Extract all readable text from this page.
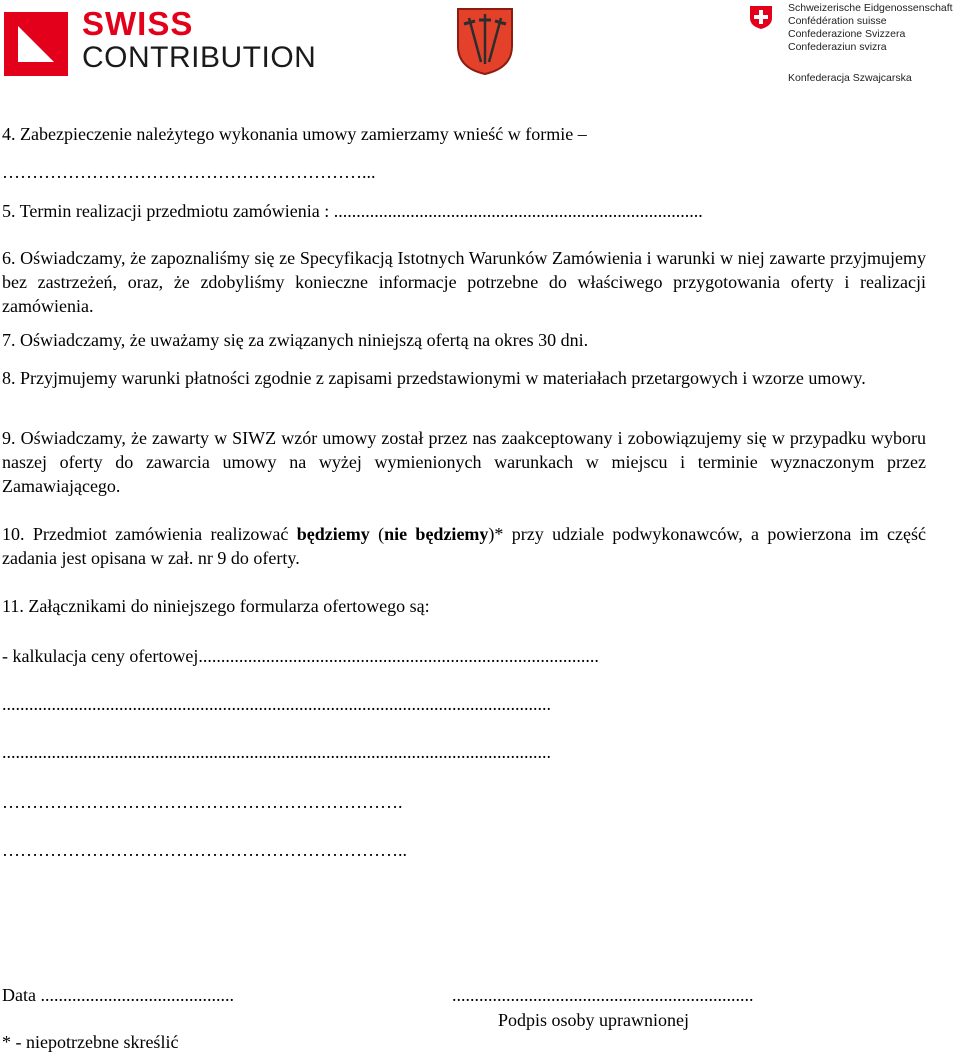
SWISS
CONTRIBUTION
Schweizerische Eidgenossenschaft
Confédération suisse
Confederazione Svizzera
Confederaziun svizra
Konfederacja Szwajcarska
4. Zabezpieczenie należytego wykonania umowy zamierzamy wnieść w formie –
……………………………………………………...
5. Termin realizacji przedmiotu zamówienia : ..................................................................................
6. Oświadczamy, że zapoznaliśmy się ze Specyfikacją Istotnych Warunków Zamówienia i warunki w niej zawarte przyjmujemy bez zastrzeżeń, oraz, że zdobyliśmy konieczne informacje potrzebne do właściwego przygotowania oferty i realizacji zamówienia.
7. Oświadczamy, że uważamy się za związanych niniejszą ofertą na okres 30 dni.
8. Przyjmujemy warunki płatności zgodnie z zapisami przedstawionymi w materiałach przetargowych i wzorze umowy.
9. Oświadczamy, że zawarty w SIWZ wzór umowy został przez nas zaakceptowany i zobowiązujemy się w przypadku wyboru naszej oferty do zawarcia umowy na wyżej wymienionych warunkach w miejscu i terminie wyznaczonym przez Zamawiającego.
10. Przedmiot zamówienia realizować będziemy (nie będziemy)* przy udziale podwykonawców, a powierzona im część zadania jest opisana w zał. nr 9 do oferty.
11. Załącznikami do niniejszego formularza ofertowego są:
- kalkulacja ceny ofertowej.........................................................................................
..........................................................................................................................
..........................................................................................................................
………………………………………………………….
…………………………………………………………..
Data ...........................................	...................................................................
Podpis osoby uprawnionej
* - niepotrzebne skreślić
